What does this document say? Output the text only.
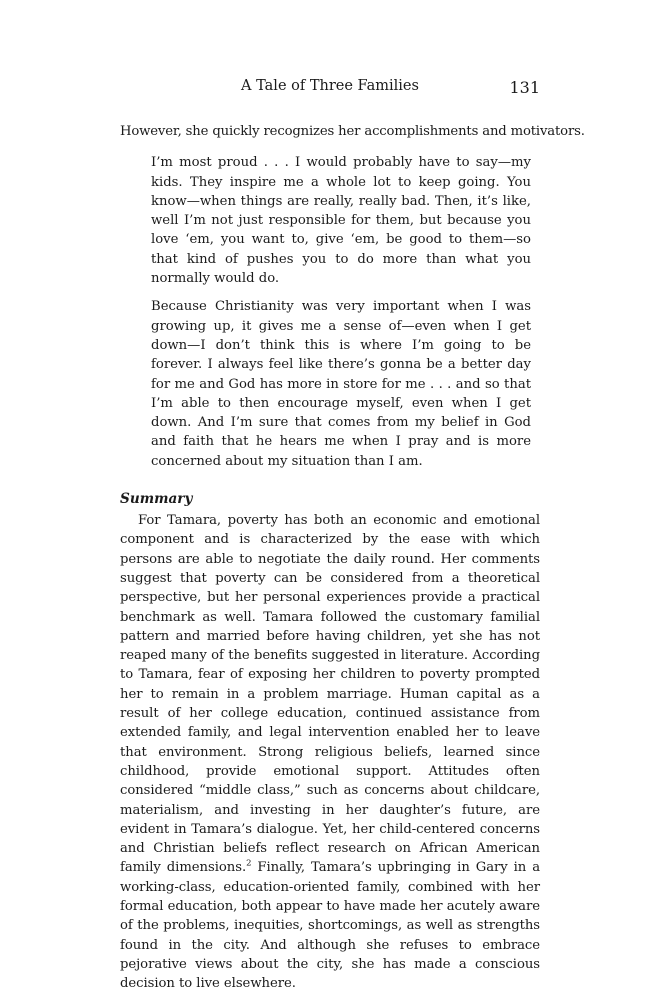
A Tale of Three Families	131

However, she quickly recognizes her accomplishments and motivators.

I’m most proud . . . I would probably have to say—my kids. They inspire me a whole lot to keep going. You know—when things are really, really bad. Then, it’s like, well I’m not just responsible for them, but because you love ‘em, you want to, give ‘em, be good to them—so that kind of pushes you to do more than what you normally would do.

Because Christianity was very important when I was growing up, it gives me a sense of—even when I get down—I don’t think this is where I’m going to be forever. I always feel like there’s gonna be a better day for me and God has more in store for me . . . and so that I’m able to then encourage myself, even when I get down. And I’m sure that comes from my belief in God and faith that he hears me when I pray and is more concerned about my situation than I am.

Summary

For Tamara, poverty has both an economic and emotional component and is characterized by the ease with which persons are able to negotiate the daily round. Her comments suggest that poverty can be considered from a theoretical perspective, but her personal experiences provide a practical benchmark as well. Tamara followed the customary familial pattern and married before having children, yet she has not reaped many of the benefits suggested in literature. According to Tamara, fear of exposing her children to poverty prompted her to remain in a problem marriage. Human capital as a result of her college education, continued assistance from extended family, and legal intervention enabled her to leave that environment. Strong religious beliefs, learned since childhood, provide emotional support. Attitudes often considered “middle class,” such as concerns about childcare, materialism, and investing in her daughter’s future, are evident in Tamara’s dialogue. Yet, her child-centered concerns and Christian beliefs reflect research on African American family dimensions.$^2$ Finally, Tamara’s upbringing in Gary in a working-class, education-oriented family, combined with her formal education, both appear to have made her acutely aware of the problems, inequities, shortcomings, as well as strengths found in the city. And although she refuses to embrace pejorative views about the city, she has made a conscious decision to live elsewhere.
